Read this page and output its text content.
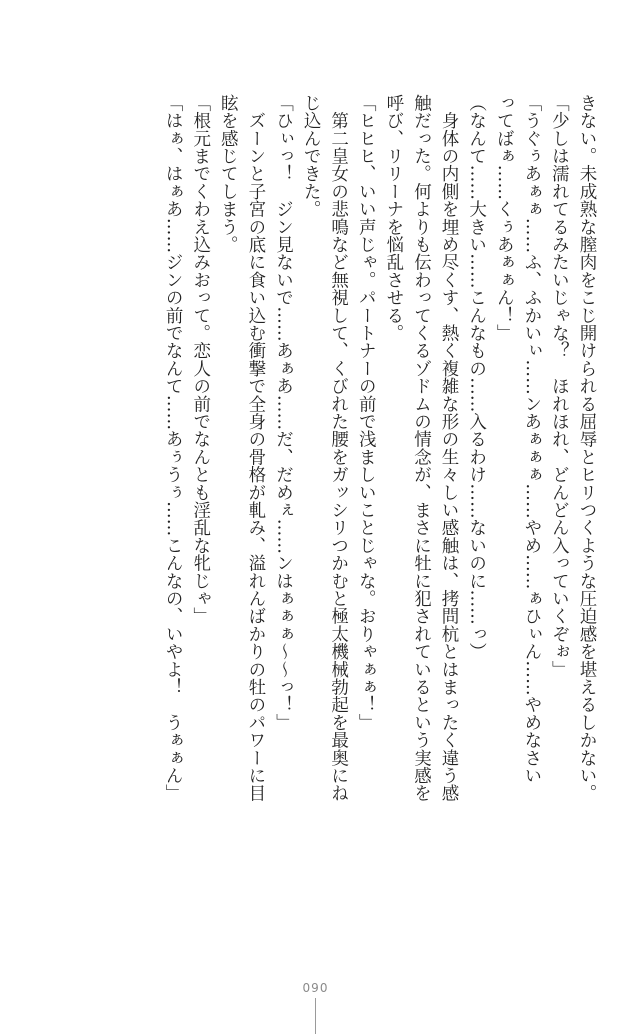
きない。未成熟な膣肉をこじ開けられる屈辱とヒリつくような圧迫感を堪えるしかない。
「少しは濡れてるみたいじゃな？　ほれほれ、どんどん入っていくぞぉ」
「うぐぅあぁぁ……ふ、ふかいぃ……ンあぁぁぁ……やめ……ぁひぃん……やめなさい
ってばぁ……くぅあぁぁん！」
（なんて……大きい……こんなもの……入るわけ……ないのに……っ）
　身体の内側を埋め尽くす、熱く複雑な形の生々しい感触は、拷問杭とはまったく違う感
触だった。何よりも伝わってくるゾドムの情念が、まさに牡に犯されているという実感を
呼び、リリーナを悩乱させる。
「ヒヒヒ、いい声じゃ。パートナーの前で浅ましいことじゃな。おりゃぁぁ！」
　第二皇女の悲鳴など無視して、くびれた腰をガッシリつかむと極太機械勃起を最奥にね
じ込んできた。
「ひぃっ！　ジン見ないで……あぁあ……だ、だめぇ……ンはぁぁぁ～～っ！」
　ズーンと子宮の底に食い込む衝撃で全身の骨格が軋み、溢れんばかりの牡のパワーに目
眩を感じてしまう。
「根元までくわえ込みおって。恋人の前でなんとも淫乱な牝じゃ」
「はぁ、はぁあ……ジンの前でなんて……あぅうぅ……こんなの、いやよ！　うぁぁん」
090
